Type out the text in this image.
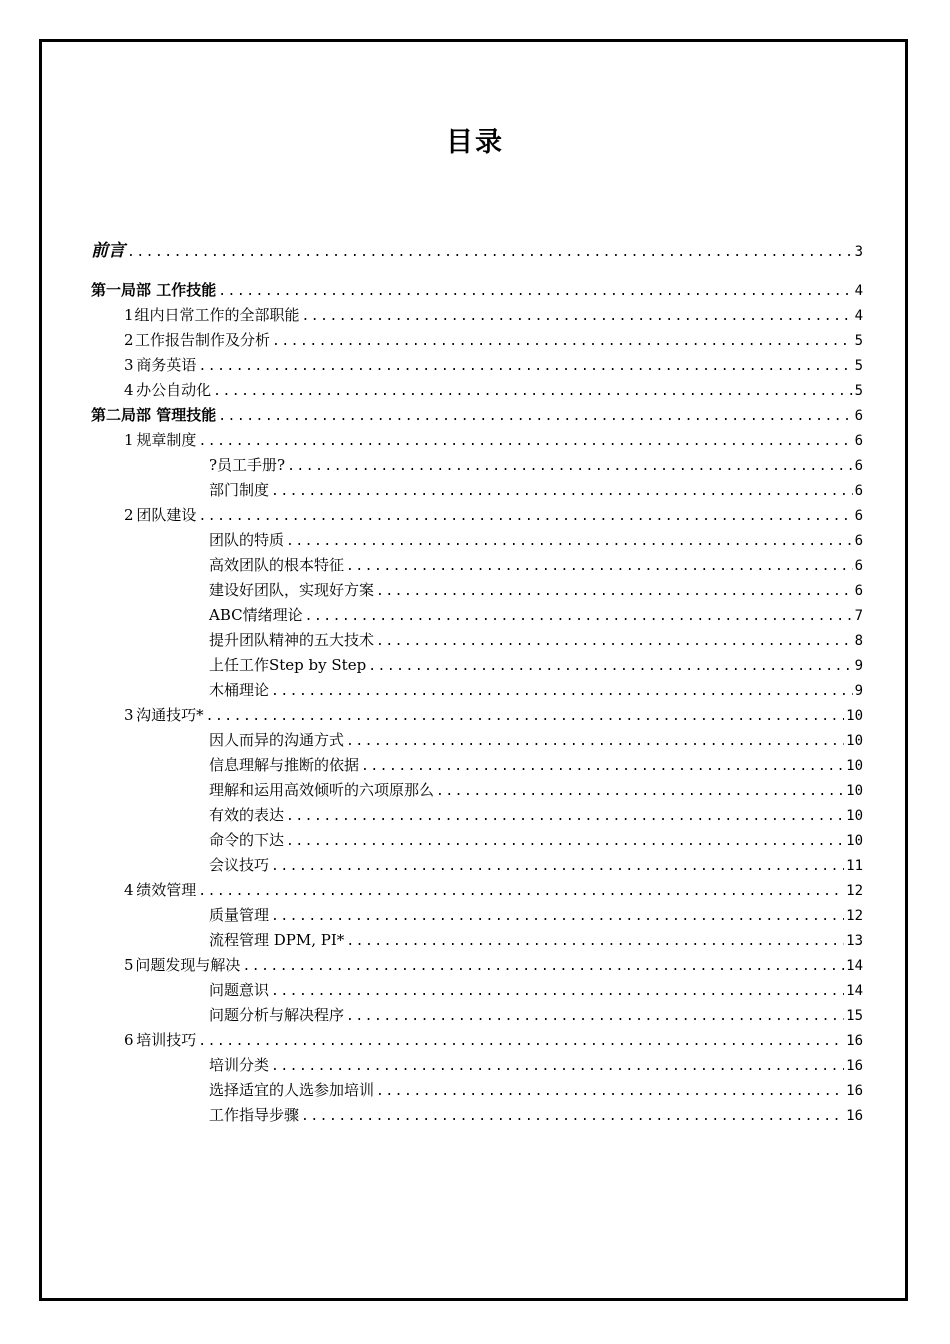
目录
前言 .....	3
第一局部 工作技能 .....	4
1 组内日常工作的全部职能 .....	4
2 工作报告制作及分析 .....	5
3 商务英语 .....	5
4 办公自动化 .....	5
第二局部 管理技能 .....	6
1 规章制度 .....	6
?员工手册? .....	6
部门制度 .....	6
2 团队建设 .....	6
团队的特质 .....	6
高效团队的根本特征 .....	6
建设好团队，实现好方案 .....	6
ABC情绪理论 .....	7
提升团队精神的五大技术 .....	8
上任工作Step by Step .....	9
木桶理论 .....	9
3 沟通技巧* .....	10
因人而异的沟通方式 .....	10
信息理解与推断的依据 .....	10
理解和运用高效倾听的六项原那么 .....	10
有效的表达 .....	10
命令的下达 .....	10
会议技巧 .....	11
4 绩效管理 .....	12
质量管理 .....	12
流程管理 DPM, PI* .....	13
5 问题发现与解决 .....	14
问题意识 .....	14
问题分析与解决程序 .....	15
6 培训技巧 .....	16
培训分类 .....	16
选择适宜的人选参加培训 .....	16
工作指导步骤 .....	16
